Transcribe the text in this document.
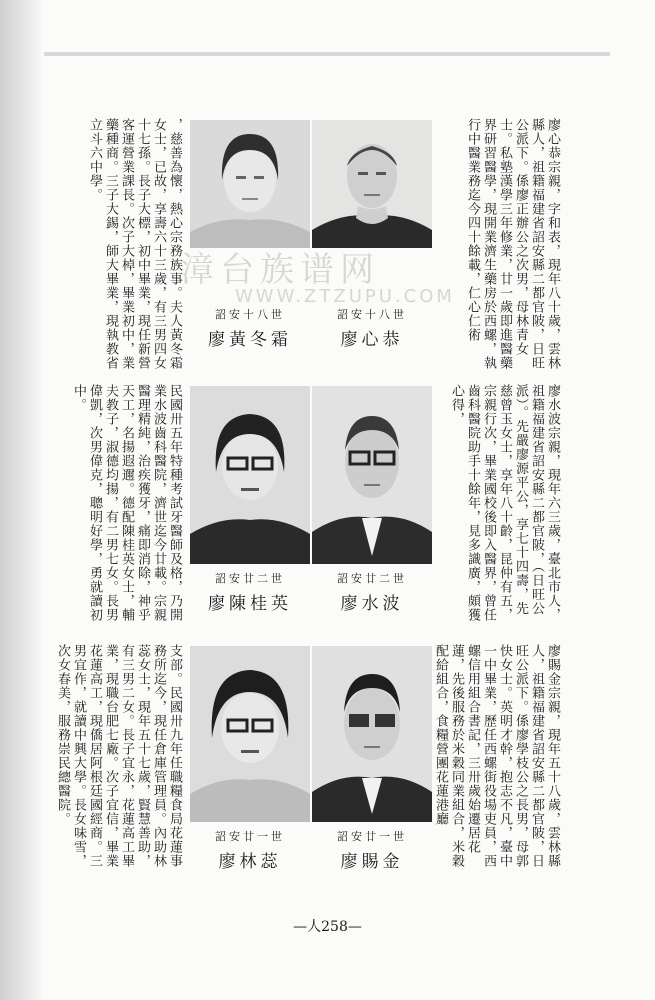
廖心恭宗親，字和表，現年八十歲，雲林縣人，祖籍福建省詔安縣二都官陂，日旺公派下。係廖正辦公之次男，母林青女士。私塾漢學三年修業，廿一歲即進醫藥界研習醫學，現開業濟生藥房於西螺，執行中醫業務迄今四十餘載，仁心仁術
詔安十八世
廖心恭
詔安十八世
廖黃冬霜
，慈善為懷，熱心宗務族事。夫人黃冬霜女士，已故，享壽六十三歲，有三男四女十七孫。長子大標，初中畢業，現任新營客運營業課長。次子大棹，畢業初中，業藥種商。三子大錫，師大畢業，現執教省立斗六中學。
廖水波宗親，現年六三歲，臺北市人，祖籍福建省詔安縣二都官陂，（日旺公派）。先嚴廖源平公，享七十四壽，先慈曾玉女士，享年八十齡，昆仲有五，宗親行次，畢業國校後即入醫界，曾任齒科醫院助手十餘年，見多識廣，頗獲心得，
詔安廿二世
廖水波
詔安廿二世
廖陳桂英
民國卅五年特種考試牙醫師及格，乃開業水波齒科醫院，濟世迄今廿載。宗親醫理精純，治疾獲牙，痛即消除，神乎天工，名揚遐邇。德配陳桂英女士，輔夫教子，淑德均揚，有二男七女。長男偉凱，次男偉克，聰明好學，勇就讀初中。
廖賜金宗親，現年五十八歲，雲林縣人，祖籍福建省詔安縣二都官陂，日旺公派下。係廖學枝公之長男，母郭快女士。英明才幹，抱志不凡，臺中一中畢業，歷任西螺街役場吏員，西螺信用組合書記，三卅歲始遷居花蓮，先後服務於米穀同業組合，米穀配給組合，食糧營團花蓮港廳
詔安廿一世
廖賜金
詔安廿一世
廖林蕊
支部。民國卅九年任職糧食局花蓮事務所迄今，現任倉庫管理員。內助林蕊女士，現年五十七歲，賢慧善助，有三男二女。長子宜永，花蓮高工畢業，現職台肥七廠。次子宜信，畢業花蓮高工，現僑居阿根廷國經商。三男宜作，就讀中興大學。長女味雪，次女春美，服務崇民總醫院。
漳台族谱网
WWW.ZTZUPU.COM
—人258—
